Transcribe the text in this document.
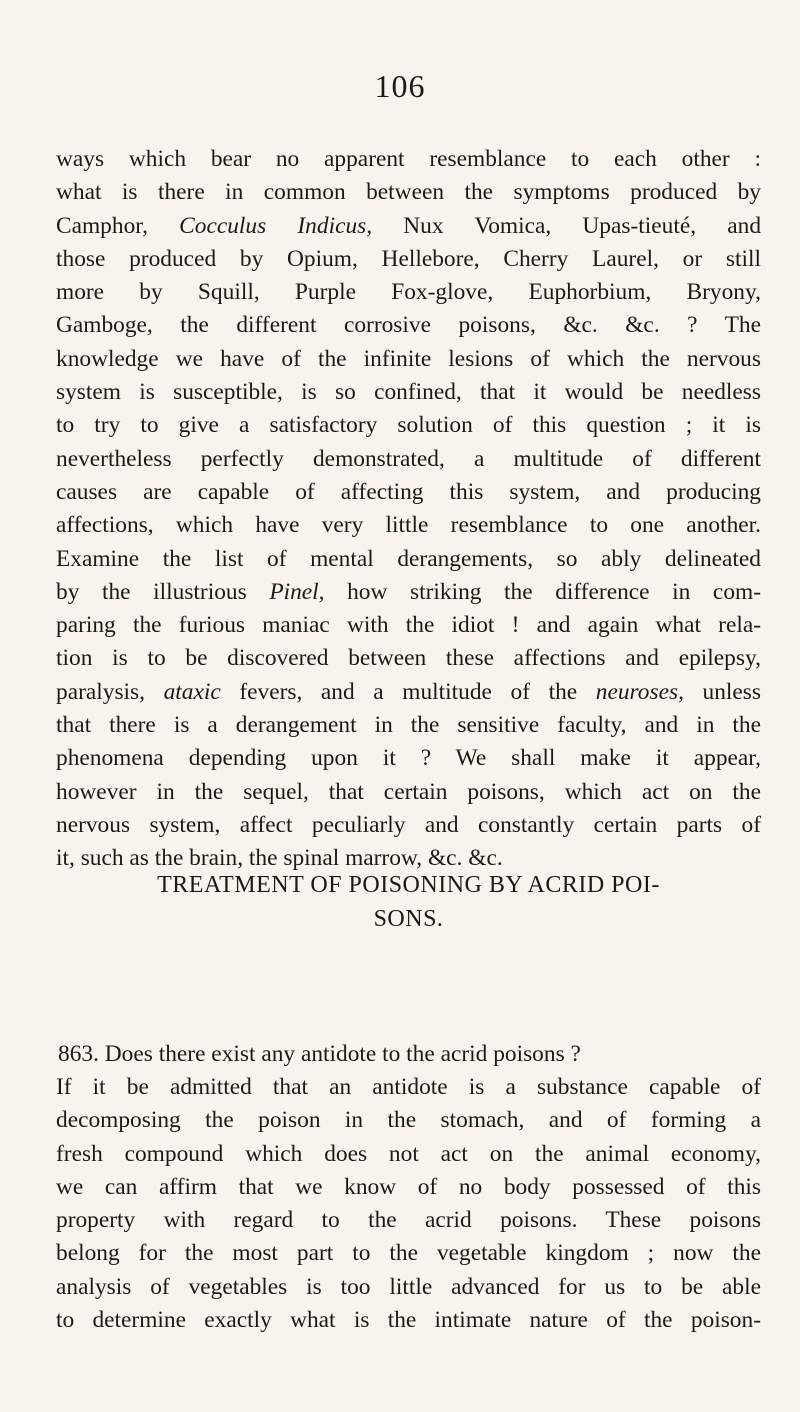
106
ways which bear no apparent resemblance to each other :
what is there in common between the symptoms produced by
Camphor, Cocculus Indicus, Nux Vomica, Upas-tieuté, and
those produced by Opium, Hellebore, Cherry Laurel, or still
more by Squill, Purple Fox-glove, Euphorbium, Bryony,
Gamboge, the different corrosive poisons, &c. &c. ? The
knowledge we have of the infinite lesions of which the nervous
system is susceptible, is so confined, that it would be needless
to try to give a satisfactory solution of this question ; it is
nevertheless perfectly demonstrated, a multitude of different
causes are capable of affecting this system, and producing
affections, which have very little resemblance to one another.
Examine the list of mental derangements, so ably delineated
by the illustrious Pinel, how striking the difference in com-
paring the furious maniac with the idiot ! and again what rela-
tion is to be discovered between these affections and epilepsy,
paralysis, ataxic fevers, and a multitude of the neuroses, unless
that there is a derangement in the sensitive faculty, and in the
phenomena depending upon it ? We shall make it appear,
however in the sequel, that certain poisons, which act on the
nervous system, affect peculiarly and constantly certain parts of
it, such as the brain, the spinal marrow, &c. &c.
TREATMENT OF POISONING BY ACRID POI-
SONS.
863. Does there exist any antidote to the acrid poisons ?
If it be admitted that an antidote is a substance capable of
decomposing the poison in the stomach, and of forming a
fresh compound which does not act on the animal economy,
we can affirm that we know of no body possessed of this
property with regard to the acrid poisons. These poisons
belong for the most part to the vegetable kingdom ; now the
analysis of vegetables is too little advanced for us to be able
to determine exactly what is the intimate nature of the poison-
